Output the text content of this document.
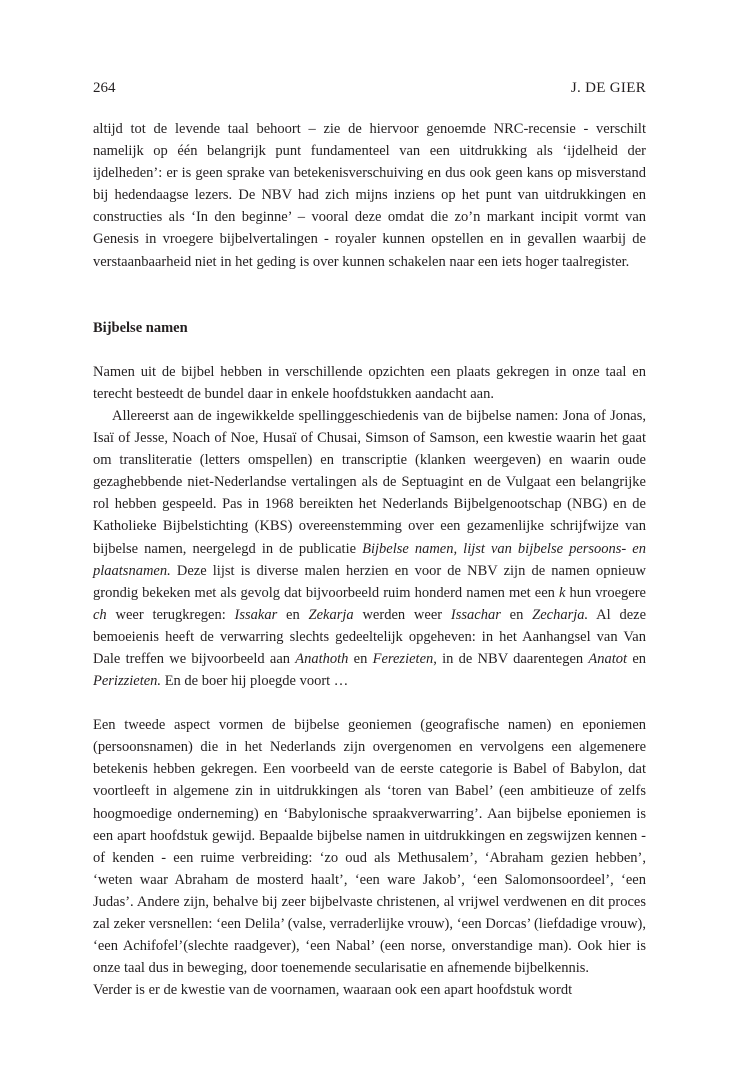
264	J. DE GIER

altijd tot de levende taal behoort – zie de hiervoor genoemde NRC-recensie - verschilt namelijk op één belangrijk punt fundamenteel van een uitdrukking als ‘ijdelheid der ijdelheden’: er is geen sprake van betekenisverschuiving en dus ook geen kans op misverstand bij hedendaagse lezers. De NBV had zich mijns inziens op het punt van uitdrukkingen en constructies als ‘In den beginne’ – vooral deze omdat die zo’n markant incipit vormt van Genesis in vroegere bijbelvertalingen - royaler kunnen opstellen en in gevallen waarbij de verstaanbaarheid niet in het geding is over kunnen schakelen naar een iets hoger taalregister.

Bijbelse namen

Namen uit de bijbel hebben in verschillende opzichten een plaats gekregen in onze taal en terecht besteedt de bundel daar in enkele hoofdstukken aandacht aan.

Allereerst aan de ingewikkelde spellinggeschiedenis van de bijbelse namen: Jona of Jonas, Isaï of Jesse, Noach of Noe, Husaï of Chusai, Simson of Samson, een kwestie waarin het gaat om transliteratie (letters omspellen) en transcriptie (klanken weergeven) en waarin oude gezaghebbende niet-Nederlandse vertalingen als de Septuagint en de Vulgaat een belangrijke rol hebben gespeeld. Pas in 1968 bereikten het Nederlands Bijbelgenootschap (NBG) en de Katholieke Bijbelstichting (KBS) overeenstemming over een gezamenlijke schrijfwijze van bijbelse namen, neergelegd in de publicatie Bijbelse namen, lijst van bijbelse persoons- en plaatsnamen. Deze lijst is diverse malen herzien en voor de NBV zijn de namen opnieuw grondig bekeken met als gevolg dat bijvoorbeeld ruim honderd namen met een k hun vroegere ch weer terugkregen: Issakar en Zekarja werden weer Issachar en Zecharja. Al deze bemoeienis heeft de verwarring slechts gedeeltelijk opgeheven: in het Aanhangsel van Van Dale treffen we bijvoorbeeld aan Anathoth en Ferezieten, in de NBV daarentegen Anatot en Perizzieten. En de boer hij ploegde voort …

Een tweede aspect vormen de bijbelse geoniemen (geografische namen) en eponiemen (persoonsnamen) die in het Nederlands zijn overgenomen en vervolgens een algemenere betekenis hebben gekregen. Een voorbeeld van de eerste categorie is Babel of Babylon, dat voortleeft in algemene zin in uitdrukkingen als ‘toren van Babel’ (een ambitieuze of zelfs hoogmoedige onderneming) en ‘Babylonische spraakverwarring’. Aan bijbelse eponiemen is een apart hoofdstuk gewijd. Bepaalde bijbelse namen in uitdrukkingen en zegswijzen kennen - of kenden - een ruime verbreiding: ‘zo oud als Methusalem’, ‘Abraham gezien hebben’, ‘weten waar Abraham de mosterd haalt’, ‘een ware Jakob’, ‘een Salomonsoordeel’, ‘een Judas’. Andere zijn, behalve bij zeer bijbelvaste christenen, al vrijwel verdwenen en dit proces zal zeker versnellen: ‘een Delila’ (valse, verraderlijke vrouw), ‘een Dorcas’ (liefdadige vrouw), ‘een Achifofel’(slechte raadgever), ‘een Nabal’ (een norse, onverstandige man). Ook hier is onze taal dus in beweging, door toenemende secularisatie en afnemende bijbelkennis.

Verder is er de kwestie van de voornamen, waaraan ook een apart hoofdstuk wordt
